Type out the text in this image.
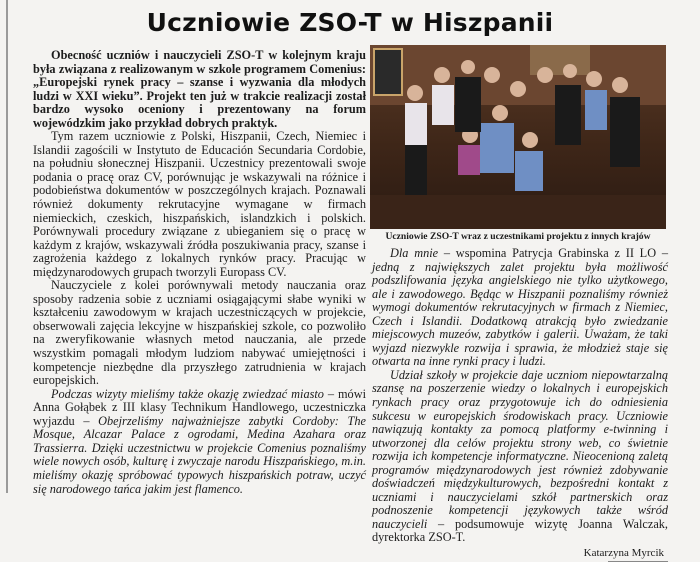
Uczniowie ZSO-T w Hiszpanii

Obecność uczniów i nauczycieli ZSO-T w kolejnym kraju była związana z realizowanym w szkole programem Comenius: „Europejski rynek pracy – szanse i wyzwania dla młodych ludzi w XXI wieku”. Projekt ten już w trakcie realizacji został bardzo wysoko oceniony i prezentowany na forum wojewódzkim jako przykład dobrych praktyk.

Tym razem uczniowie z Polski, Hiszpanii, Czech, Niemiec i Islandii zagościli w Instytuto de Educación Secundaria Cordobie, na południu słonecznej Hiszpanii. Uczestnicy prezentowali swoje podania o pracę oraz CV, porównując je wskazywali na różnice i podobieństwa dokumentów w poszczególnych krajach. Poznawali również dokumenty rekrutacyjne wymagane w firmach niemieckich, czeskich, hiszpańskich, islandzkich i polskich. Porównywali procedury związane z ubieganiem się o pracę w każdym z krajów, wskazywali źródła poszukiwania pracy, szanse i zagrożenia każdego z lokalnych rynków pracy. Pracując w międzynarodowych grupach tworzyli Europass CV.

Nauczyciele z kolei porównywali metody nauczania oraz sposoby radzenia sobie z uczniami osiągającymi słabe wyniki w kształceniu zawodowym w krajach uczestniczących w projekcie, obserwowali zajęcia lekcyjne w hiszpańskiej szkole, co pozwoliło na zweryfikowanie własnych metod nauczania, ale przede wszystkim pomagali młodym ludziom nabywać umiejętności i kompetencje niezbędne dla przyszłego zatrudnienia w krajach europejskich.

Podczas wizyty mieliśmy także okazję zwiedzać miasto – mówi Anna Gołąbek z III klasy Technikum Handlowego, uczestniczka wyjazdu – Obejrzeliśmy najważniejsze zabytki Cordoby: The Mosque, Alcazar Palace z ogrodami, Medina Azahara oraz Trassierra. Dzięki uczestnictwu w projekcie Comenius poznaliśmy wiele nowych osób, kulturę i zwyczaje narodu Hiszpańskiego, m.in. mieliśmy okazję spróbować typowych hiszpańskich potraw, uczyć się narodowego tańca jakim jest flamenco.

Uczniowie ZSO-T wraz z uczestnikami projektu z innych krajów

Dla mnie – wspomina Patrycja Grabinska z II LO – jedną z największych zalet projektu była możliwość podszlifowania języka angielskiego nie tylko użytkowego, ale i zawodowego. Będąc w Hiszpanii poznaliśmy również wymogi dokumentów rekrutacyjnych w firmach z Niemiec, Czech i Islandii. Dodatkową atrakcją było zwiedzanie miejscowych muzeów, zabytków i galerii. Uważam, że taki wyjazd niezwykle rozwija i sprawia, że młodzież staje się otwarta na inne rynki pracy i ludzi.

Udział szkoły w projekcie daje uczniom niepowtarzalną szansę na poszerzenie wiedzy o lokalnych i europejskich rynkach pracy oraz przygotowuje ich do odniesienia sukcesu w europejskich środowiskach pracy. Uczniowie nawiązują kontakty za pomocą platformy e-twinning i utworzonej dla celów projektu strony web, co świetnie rozwija ich kompetencje informatyczne. Nieocenioną zaletą programów międzynarodowych jest również zdobywanie doświadczeń międzykulturowych, bezpośredni kontakt z uczniami i nauczycielami szkół partnerskich oraz podnoszenie kompetencji językowych także wśród nauczycieli – podsumowuje wizytę Joanna Walczak, dyrektorka ZSO-T.

Katarzyna Myrcik
